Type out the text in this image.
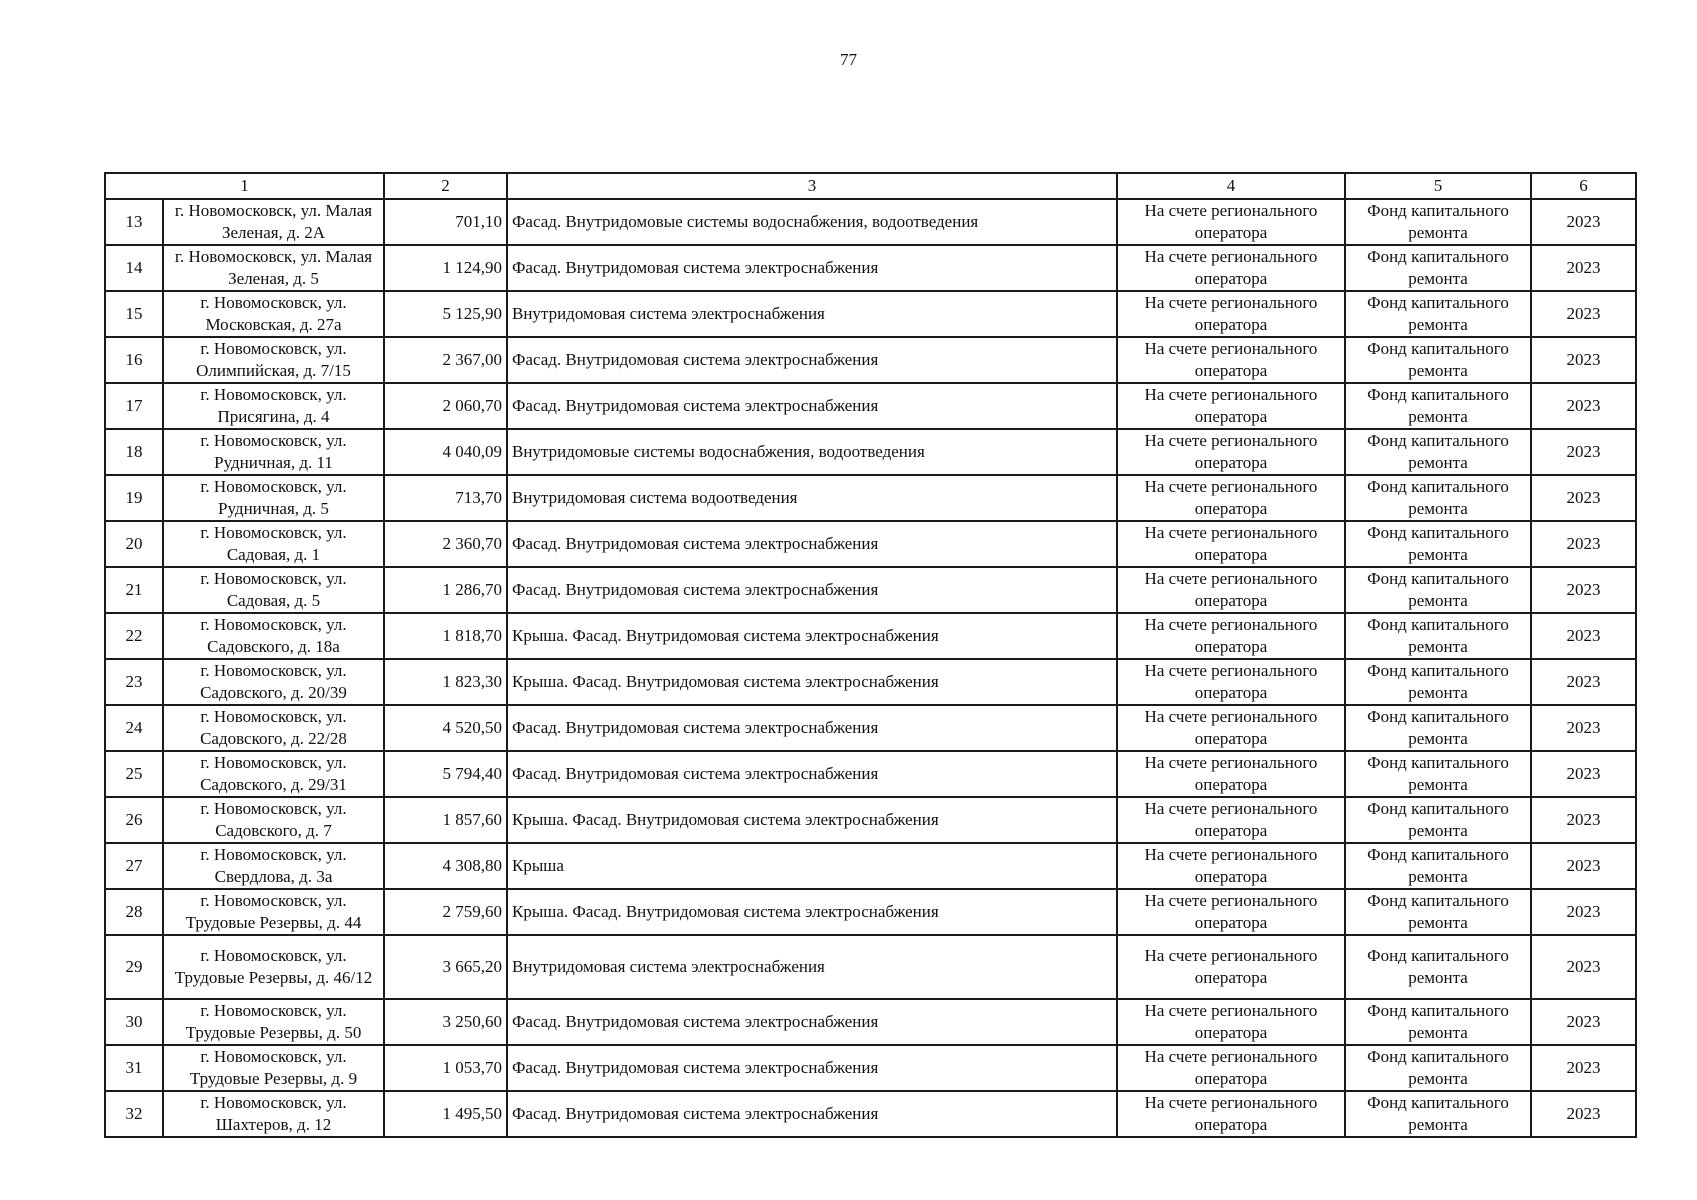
77
1		2	3	4	5	6
13	г. Новомосковск, ул. Малая Зеленая, д. 2А	701,10	Фасад. Внутридомовые системы водоснабжения, водоотведения	На счете регионального оператора	Фонд капитального ремонта	2023
14	г. Новомосковск, ул. Малая Зеленая, д. 5	1 124,90	Фасад. Внутридомовая система электроснабжения	На счете регионального оператора	Фонд капитального ремонта	2023
15	г. Новомосковск, ул. Московская, д. 27а	5 125,90	Внутридомовая система электроснабжения	На счете регионального оператора	Фонд капитального ремонта	2023
16	г. Новомосковск, ул. Олимпийская, д. 7/15	2 367,00	Фасад. Внутридомовая система электроснабжения	На счете регионального оператора	Фонд капитального ремонта	2023
17	г. Новомосковск, ул. Присягина, д. 4	2 060,70	Фасад. Внутридомовая система электроснабжения	На счете регионального оператора	Фонд капитального ремонта	2023
18	г. Новомосковск, ул. Рудничная, д. 11	4 040,09	Внутридомовые системы водоснабжения, водоотведения	На счете регионального оператора	Фонд капитального ремонта	2023
19	г. Новомосковск, ул. Рудничная, д. 5	713,70	Внутридомовая система водоотведения	На счете регионального оператора	Фонд капитального ремонта	2023
20	г. Новомосковск, ул. Садовая, д. 1	2 360,70	Фасад. Внутридомовая система электроснабжения	На счете регионального оператора	Фонд капитального ремонта	2023
21	г. Новомосковск, ул. Садовая, д. 5	1 286,70	Фасад. Внутридомовая система электроснабжения	На счете регионального оператора	Фонд капитального ремонта	2023
22	г. Новомосковск, ул. Садовского, д. 18а	1 818,70	Крыша. Фасад. Внутридомовая система электроснабжения	На счете регионального оператора	Фонд капитального ремонта	2023
23	г. Новомосковск, ул. Садовского, д. 20/39	1 823,30	Крыша. Фасад. Внутридомовая система электроснабжения	На счете регионального оператора	Фонд капитального ремонта	2023
24	г. Новомосковск, ул. Садовского, д. 22/28	4 520,50	Фасад. Внутридомовая система электроснабжения	На счете регионального оператора	Фонд капитального ремонта	2023
25	г. Новомосковск, ул. Садовского, д. 29/31	5 794,40	Фасад. Внутридомовая система электроснабжения	На счете регионального оператора	Фонд капитального ремонта	2023
26	г. Новомосковск, ул. Садовского, д. 7	1 857,60	Крыша. Фасад. Внутридомовая система электроснабжения	На счете регионального оператора	Фонд капитального ремонта	2023
27	г. Новомосковск, ул. Свердлова, д. 3а	4 308,80	Крыша	На счете регионального оператора	Фонд капитального ремонта	2023
28	г. Новомосковск, ул. Трудовые Резервы, д. 44	2 759,60	Крыша. Фасад. Внутридомовая система электроснабжения	На счете регионального оператора	Фонд капитального ремонта	2023
29	г. Новомосковск, ул. Трудовые Резервы, д. 46/12	3 665,20	Внутридомовая система электроснабжения	На счете регионального оператора	Фонд капитального ремонта	2023
30	г. Новомосковск, ул. Трудовые Резервы, д. 50	3 250,60	Фасад. Внутридомовая система электроснабжения	На счете регионального оператора	Фонд капитального ремонта	2023
31	г. Новомосковск, ул. Трудовые Резервы, д. 9	1 053,70	Фасад. Внутридомовая система электроснабжения	На счете регионального оператора	Фонд капитального ремонта	2023
32	г. Новомосковск, ул. Шахтеров, д. 12	1 495,50	Фасад. Внутридомовая система электроснабжения	На счете регионального оператора	Фонд капитального ремонта	2023
